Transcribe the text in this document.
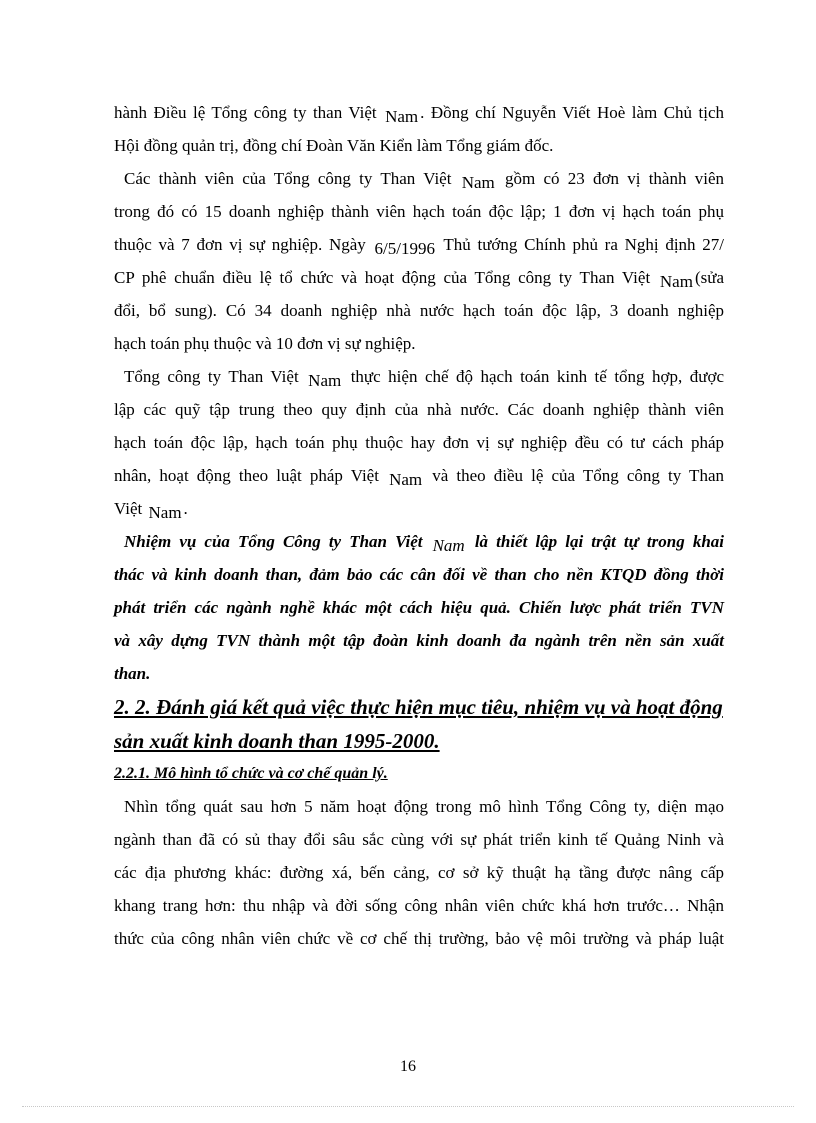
hành Điều lệ Tổng công ty than Việt Nam . Đồng chí Nguyễn Viết Hoè làm Chủ tịch
Hội đồng quản trị, đồng chí Đoàn Văn Kiển làm Tổng giám đốc.
Các thành viên của Tổng công ty Than Việt Nam gồm có 23 đơn vị thành viên
trong đó có 15 doanh nghiệp thành viên hạch toán độc lập; 1 đơn vị hạch toán phụ
thuộc và 7 đơn vị sự nghiệp. Ngày 6/5/1996 Thủ tướng Chính phủ ra Nghị định 27/
CP phê chuẩn điều lệ tổ chức và hoạt động của Tổng công ty Than Việt Nam (sửa
đổi, bổ sung). Có 34 doanh nghiệp nhà nước hạch toán độc lập, 3 doanh nghiệp
hạch toán phụ thuộc và 10 đơn vị sự nghiệp.
Tổng công ty Than Việt Nam thực hiện chế độ hạch toán kinh tế tổng hợp, được
lập các quỹ tập trung theo quy định của nhà nước. Các doanh nghiệp thành viên
hạch toán độc lập, hạch toán phụ thuộc hay đơn vị sự nghiệp đều có tư cách pháp
nhân, hoạt động theo luật pháp Việt Nam và theo điều lệ của Tổng công ty Than
Việt Nam .
Nhiệm vụ của Tổng Công ty Than Việt Nam là thiết lập lại trật tự trong khai
thác và kinh doanh than, đảm bảo các cân đối về than cho nền KTQD đồng thời
phát triển các ngành nghề khác một cách hiệu quả. Chiến lược phát triển TVN
và xây dựng TVN thành một tập đoàn kinh doanh đa ngành trên nền sản xuất
than.
2. 2. Đánh giá kết quả việc thực hiện mục tiêu, nhiệm vụ và hoạt động
sản xuất kinh doanh than 1995-2000.
2.2.1. Mô hình tổ chức và cơ chế quản lý.
Nhìn tổng quát sau hơn 5 năm hoạt động trong mô hình Tổng Công ty, diện mạo
ngành than đã có sủ thay đổi sâu sắc cùng với sự phát triển kinh tế Quảng Ninh và
các địa phương khác: đường xá, bến cảng, cơ sở kỹ thuật hạ tầng được nâng cấp
khang trang hơn: thu nhập và đời sống công nhân viên chức khá hơn trước… Nhận
thức của công nhân viên chức về cơ chế thị trường, bảo vệ môi trường và pháp luật
16
